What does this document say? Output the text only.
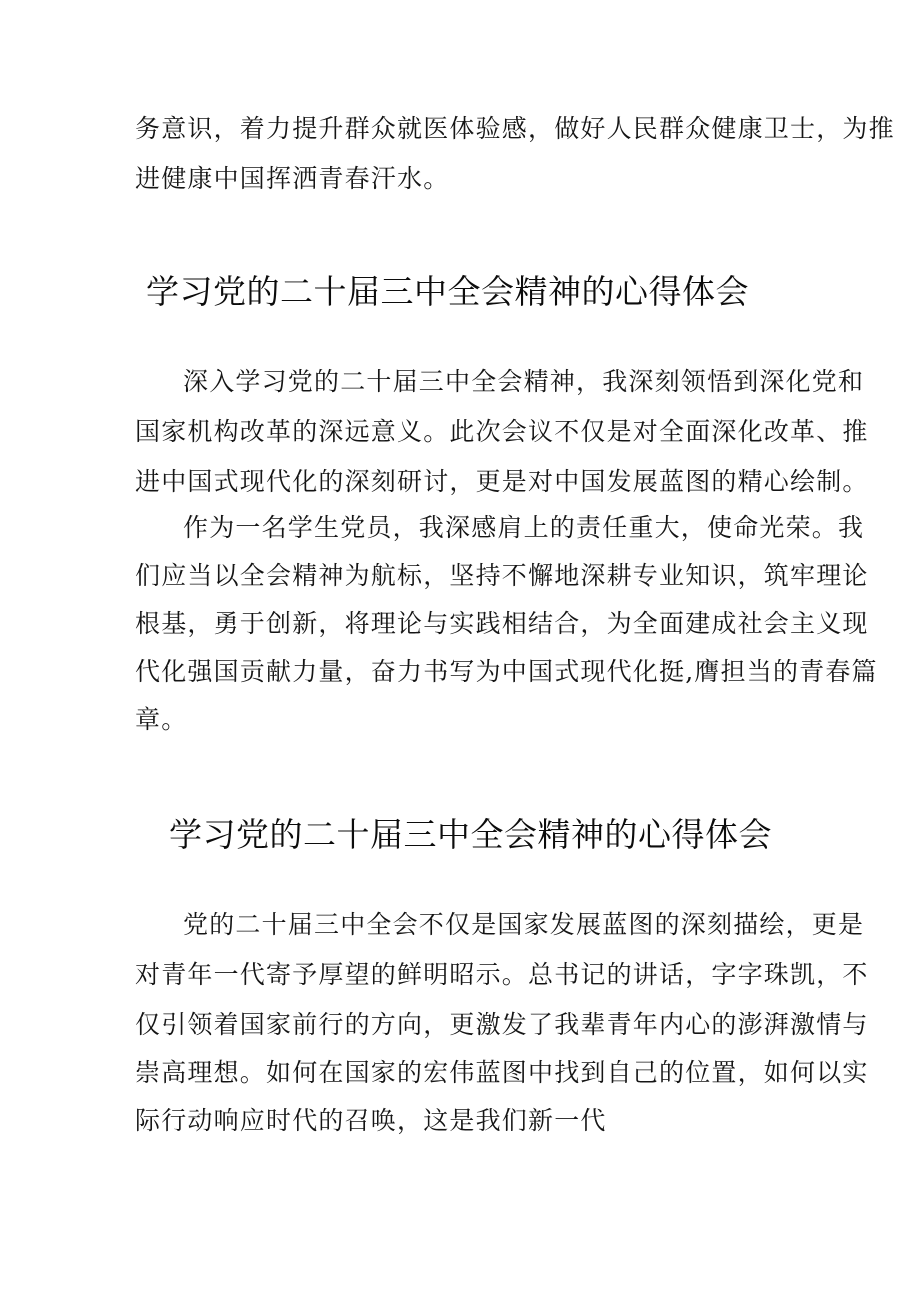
务意识，着力提升群众就医体验感，做好人民群众健康卫士，为推
进健康中国挥洒青春汗水。
学习党的二十届三中全会精神的心得体会
深入学习党的二十届三中全会精神，我深刻领悟到深化党和
国家机构改革的深远意义。此次会议不仅是对全面深化改革、推
进中国式现代化的深刻研讨，更是对中国发展蓝图的精心绘制。
作为一名学生党员，我深感肩上的责任重大，使命光荣。我
们应当以全会精神为航标，坚持不懈地深耕专业知识，筑牢理论
根基，勇于创新，将理论与实践相结合，为全面建成社会主义现
代化强国贡献力量，奋力书写为中国式现代化挺,膺担当的青春篇
章。
学习党的二十届三中全会精神的心得体会
党的二十届三中全会不仅是国家发展蓝图的深刻描绘，更是
对青年一代寄予厚望的鲜明昭示。总书记的讲话，字字珠凯，不
仅引领着国家前行的方向，更激发了我辈青年内心的澎湃激情与
崇高理想。如何在国家的宏伟蓝图中找到自己的位置，如何以实
际行动响应时代的召唤，这是我们新一代
